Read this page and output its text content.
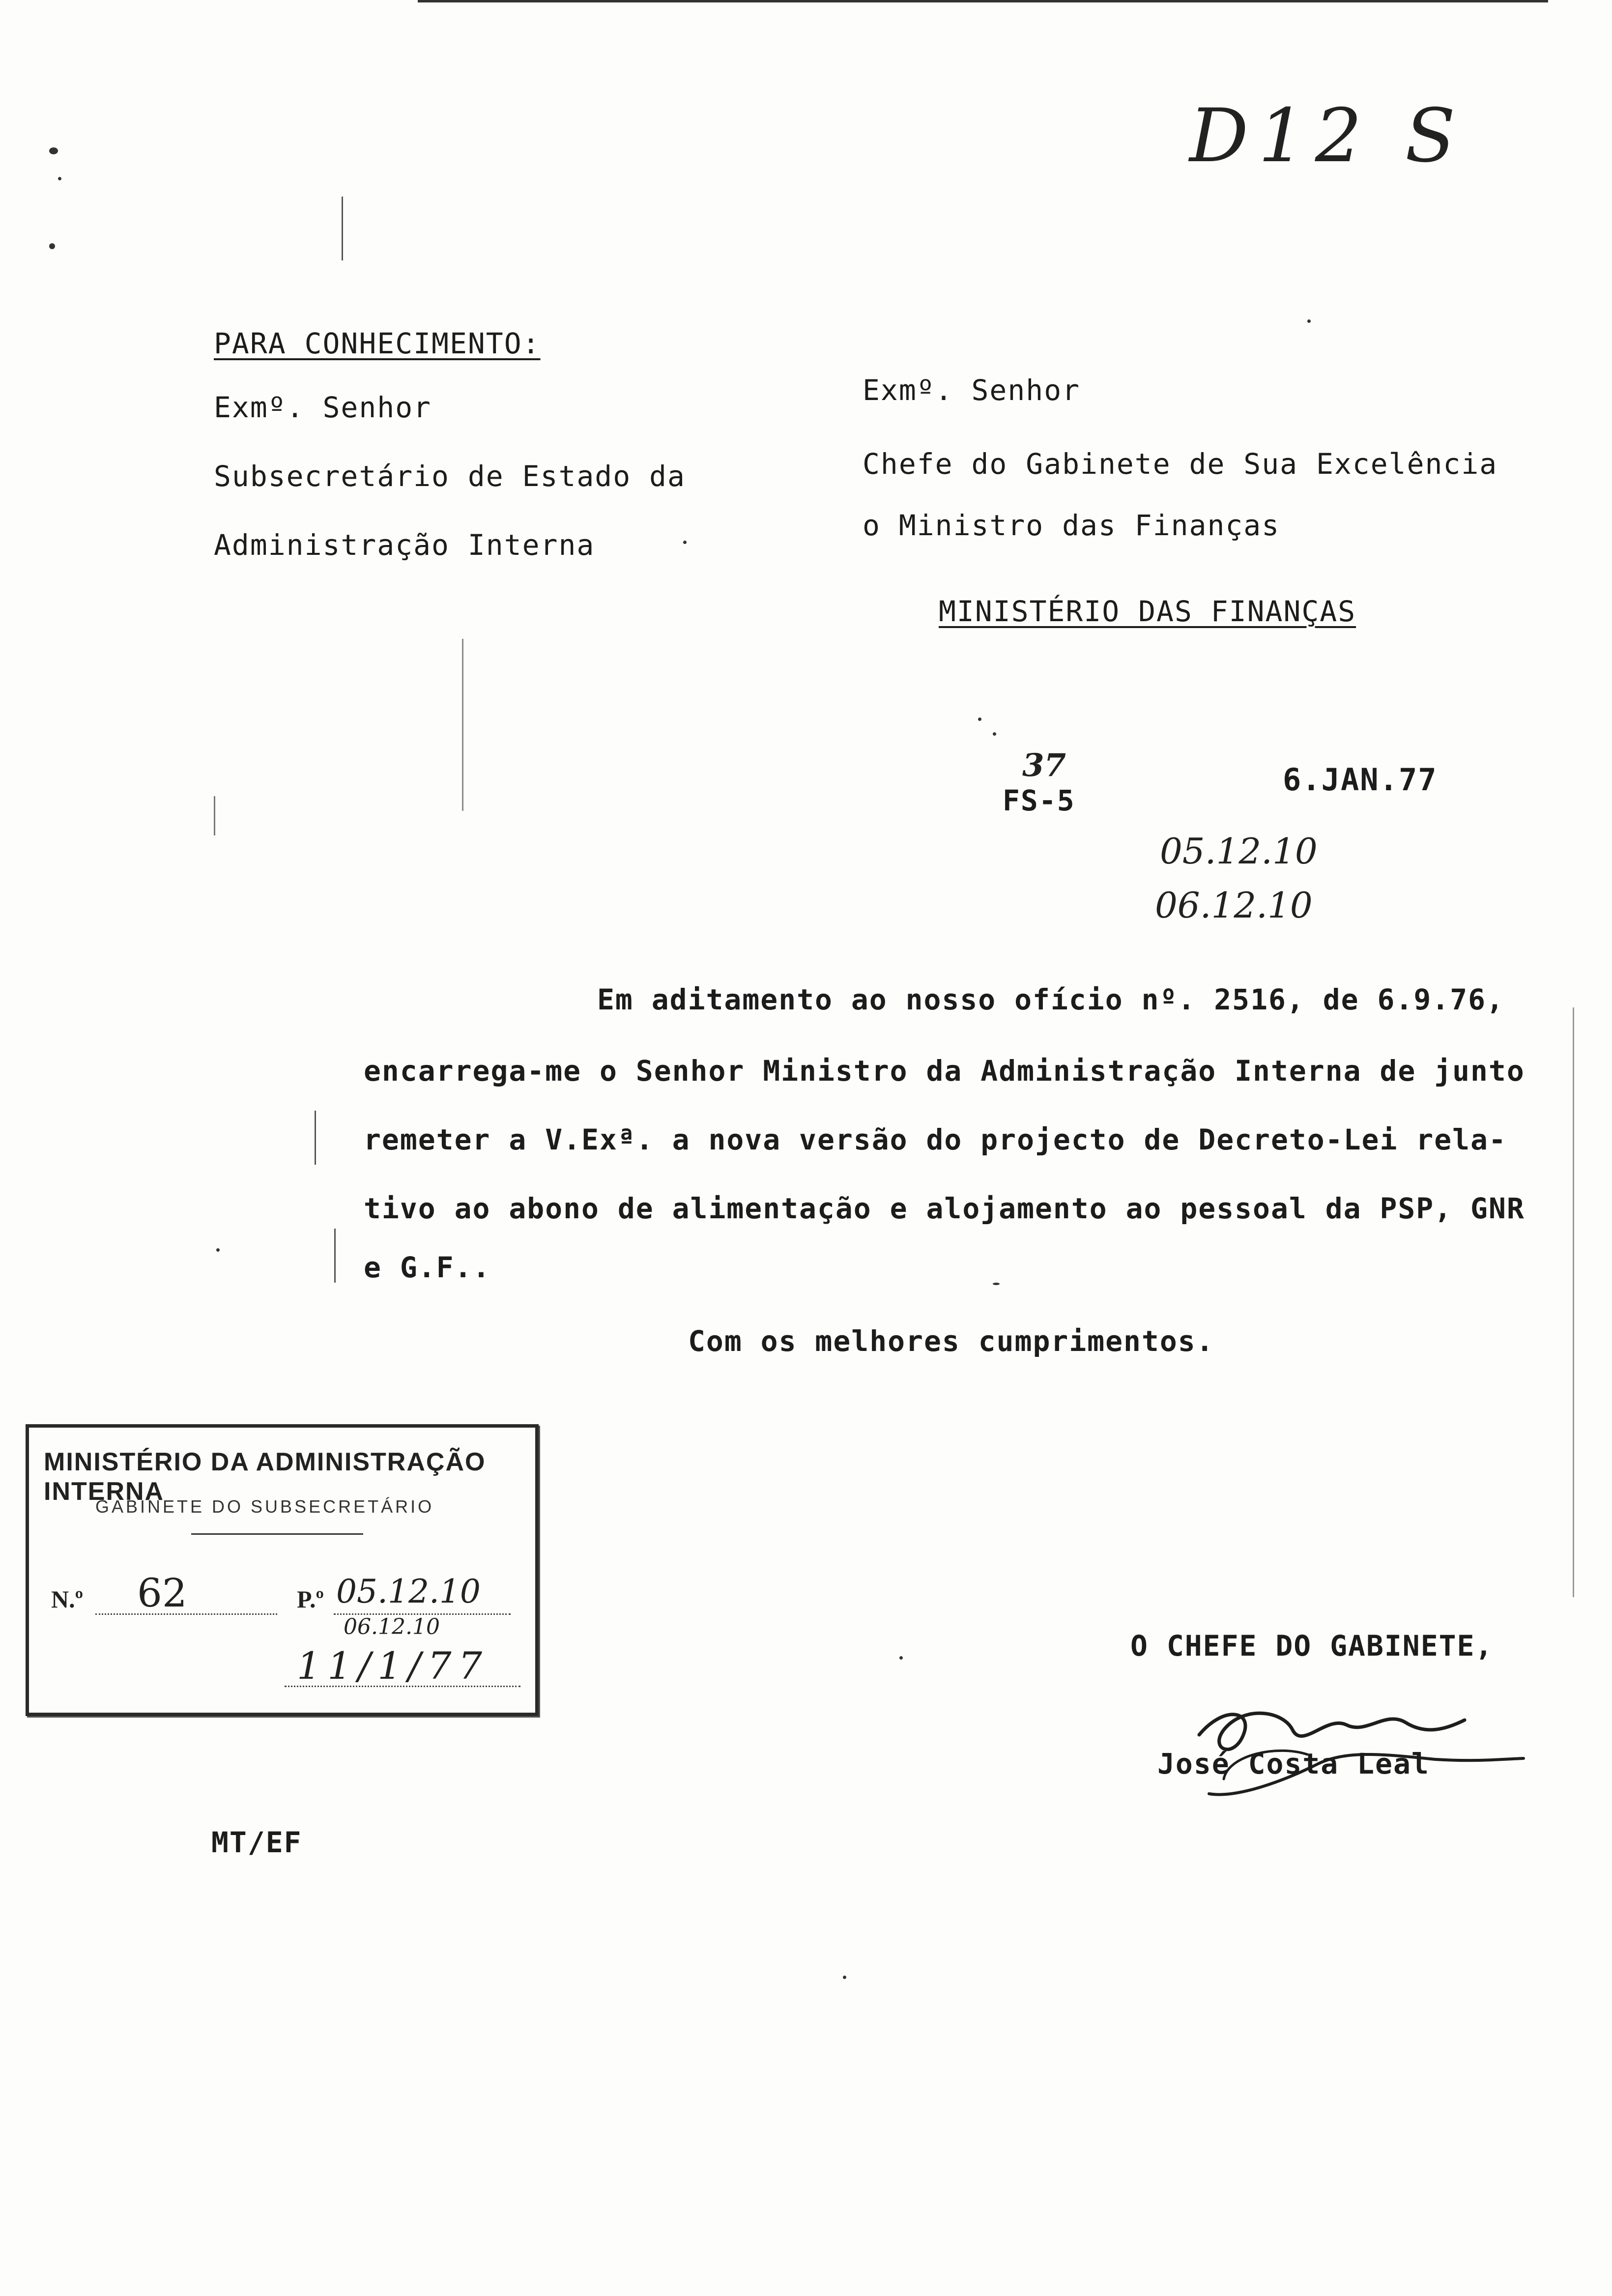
D12 S
PARA CONHECIMENTO:
Exmº. Senhor
Subsecretário de Estado da
Administração Interna
Exmº. Senhor
Chefe do Gabinete de Sua Excelência
o Ministro das Finanças
MINISTÉRIO DAS FINANÇAS
37
FS-5
6.JAN.77
05.12.10
06.12.10
Em aditamento ao nosso ofício nº. 2516, de 6.9.76,
encarrega-me o Senhor Ministro da Administração Interna de junto
remeter a V.Exª. a nova versão do projecto de Decreto-Lei rela-
tivo ao abono de alimentação e alojamento ao pessoal da PSP, GNR
e G.F..
Com os melhores cumprimentos.
MINISTÉRIO DA ADMINISTRAÇÃO INTERNA
GABINETE DO SUBSECRETÁRIO
N.º 62	P.º 05.12.10
06.12.10
11/1/77	O CHEFE DO GABINETE,
José Costa Leal
MT/EF
